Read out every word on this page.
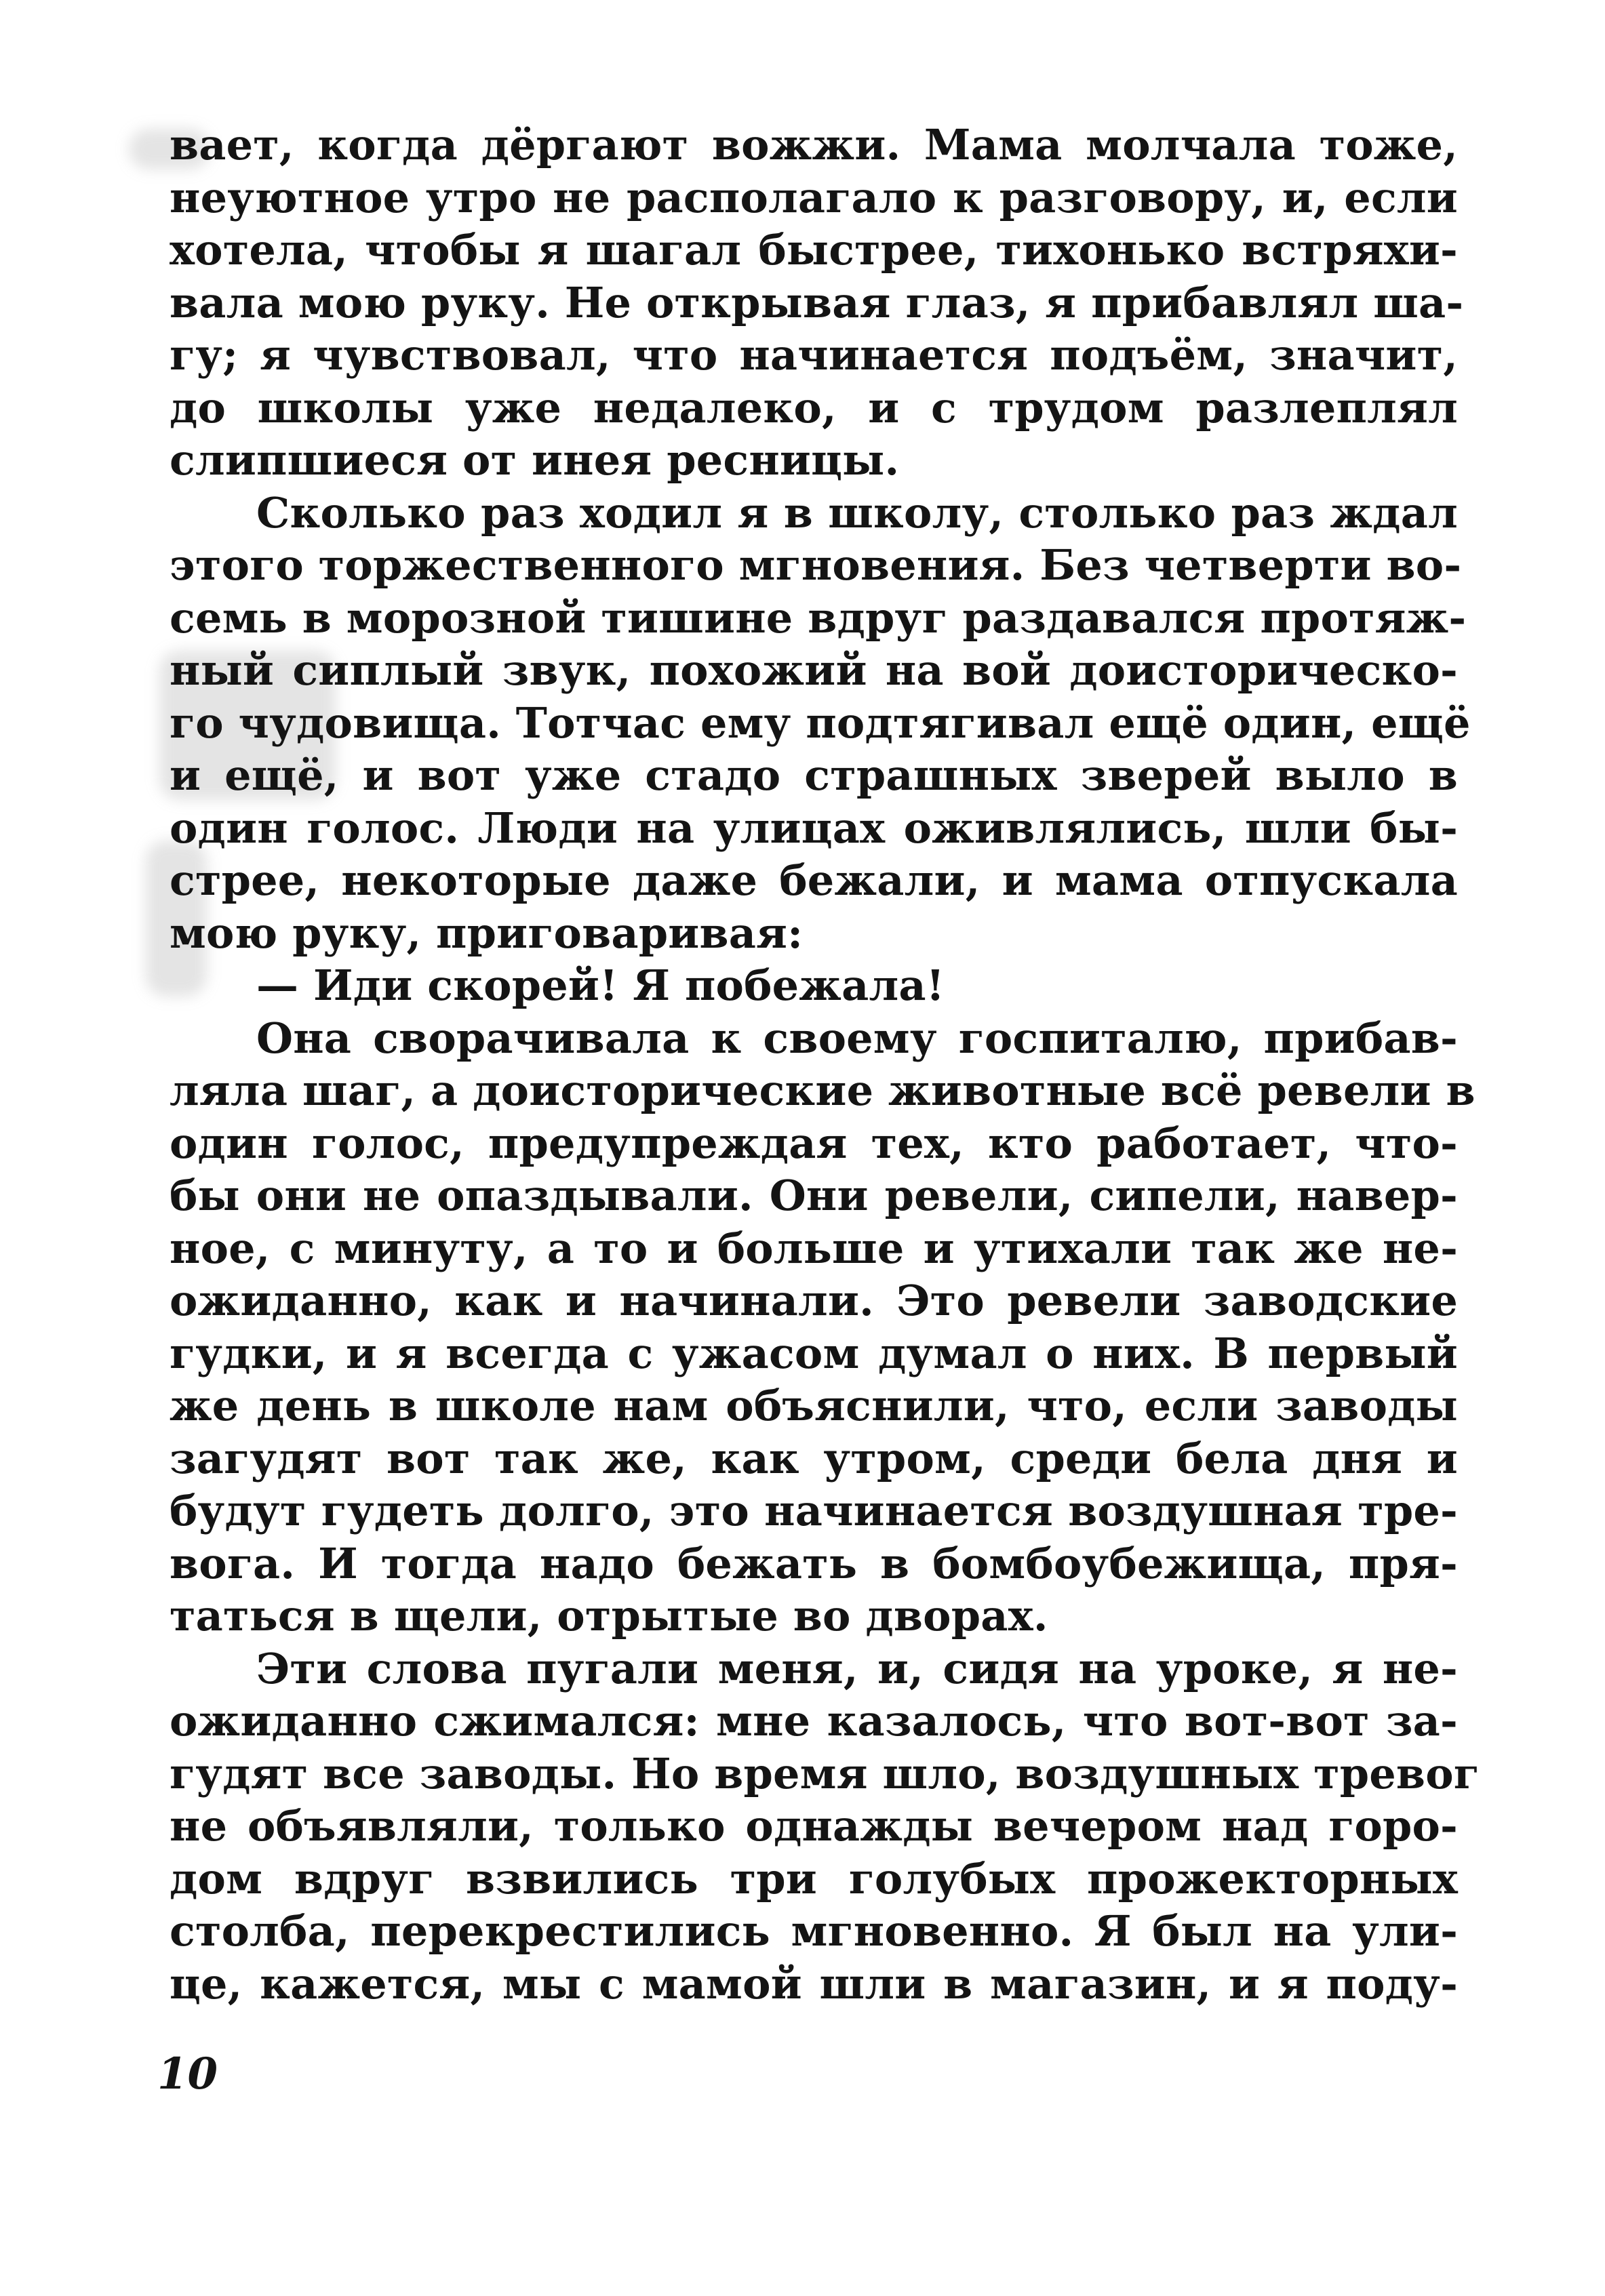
вает, когда дёргают вожжи. Мама молчала тоже,
неуютное утро не располагало к разговору, и, если
хотела, чтобы я шагал быстрее, тихонько встряхи-
вала мою руку. Не открывая глаз, я прибавлял ша-
гу; я чувствовал, что начинается подъём, значит,
до школы уже недалеко, и с трудом разлеплял
слипшиеся от инея ресницы.
Сколько раз ходил я в школу, столько раз ждал
этого торжественного мгновения. Без четверти во-
семь в морозной тишине вдруг раздавался протяж-
ный сиплый звук, похожий на вой доисторическо-
го чудовища. Тотчас ему подтягивал ещё один, ещё
и ещё, и вот уже стадо страшных зверей выло в
один голос. Люди на улицах оживлялись, шли бы-
стрее, некоторые даже бежали, и мама отпускала
мою руку, приговаривая:
— Иди скорей! Я побежала!
Она сворачивала к своему госпиталю, прибав-
ляла шаг, а доисторические животные всё ревели в
один голос, предупреждая тех, кто работает, что-
бы они не опаздывали. Они ревели, сипели, навер-
ное, с минуту, а то и больше и утихали так же не-
ожиданно, как и начинали. Это ревели заводские
гудки, и я всегда с ужасом думал о них. В первый
же день в школе нам объяснили, что, если заводы
загудят вот так же, как утром, среди бела дня и
будут гудеть долго, это начинается воздушная тре-
вога. И тогда надо бежать в бомбоубежища, пря-
таться в щели, отрытые во дворах.
Эти слова пугали меня, и, сидя на уроке, я не-
ожиданно сжимался: мне казалось, что вот-вот за-
гудят все заводы. Но время шло, воздушных тревог
не объявляли, только однажды вечером над горо-
дом вдруг взвились три голубых прожекторных
столба, перекрестились мгновенно. Я был на ули-
це, кажется, мы с мамой шли в магазин, и я поду-
10
